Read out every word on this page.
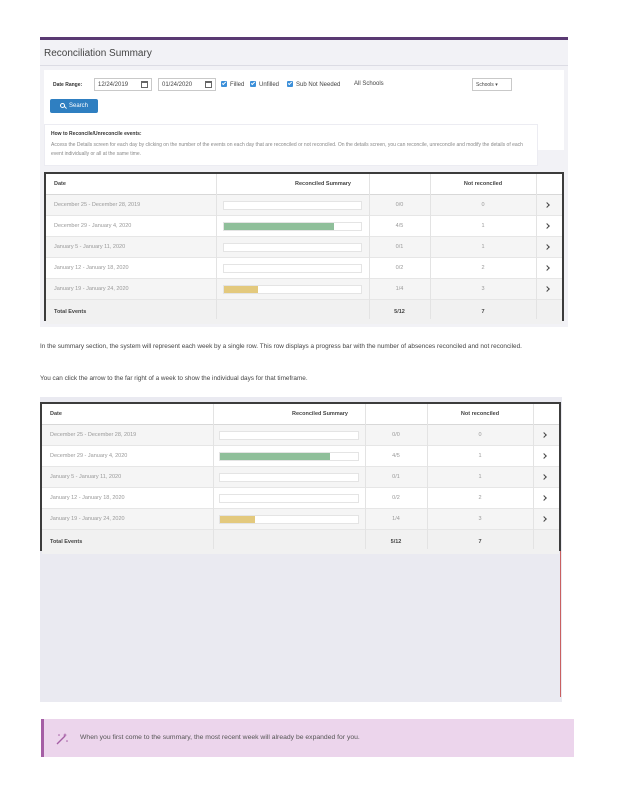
Reconciliation Summary
Date Range:	12/24/2019	01/24/2020	Filled	Unfilled	Sub Not Needed All Schools	Schools ▾
Search
How to Reconcile/Unreconcile events:
Access the Details screen for each day by clicking on the number of the events on each day that are reconciled or not reconciled. On the details screen, you can reconcile, unreconcile and modify the details of each event individually or all at the same time.
Date	Reconciled Summary	Not reconciled
December 25 - December 28, 2019	0/0	0
December 29 - January 4, 2020	4/5	1
January 5 - January 11, 2020	0/1	1
January 12 - January 18, 2020	0/2	2
January 19 - January 24, 2020	1/4	3
Total Events	5/12	7
In the summary section, the system will represent each week by a single row. This row displays a progress bar with the number of absences reconciled and not reconciled.
You can click the arrow to the far right of a week to show the individual days for that timeframe.
Date	Reconciled Summary	Not reconciled
December 25 - December 28, 2019	0/0	0
December 29 - January 4, 2020	4/5	1
January 5 - January 11, 2020	0/1	1
January 12 - January 18, 2020	0/2	2
January 19 - January 24, 2020	1/4	3
Total Events	5/12	7
When you first come to the summary, the most recent week will already be expanded for you.
